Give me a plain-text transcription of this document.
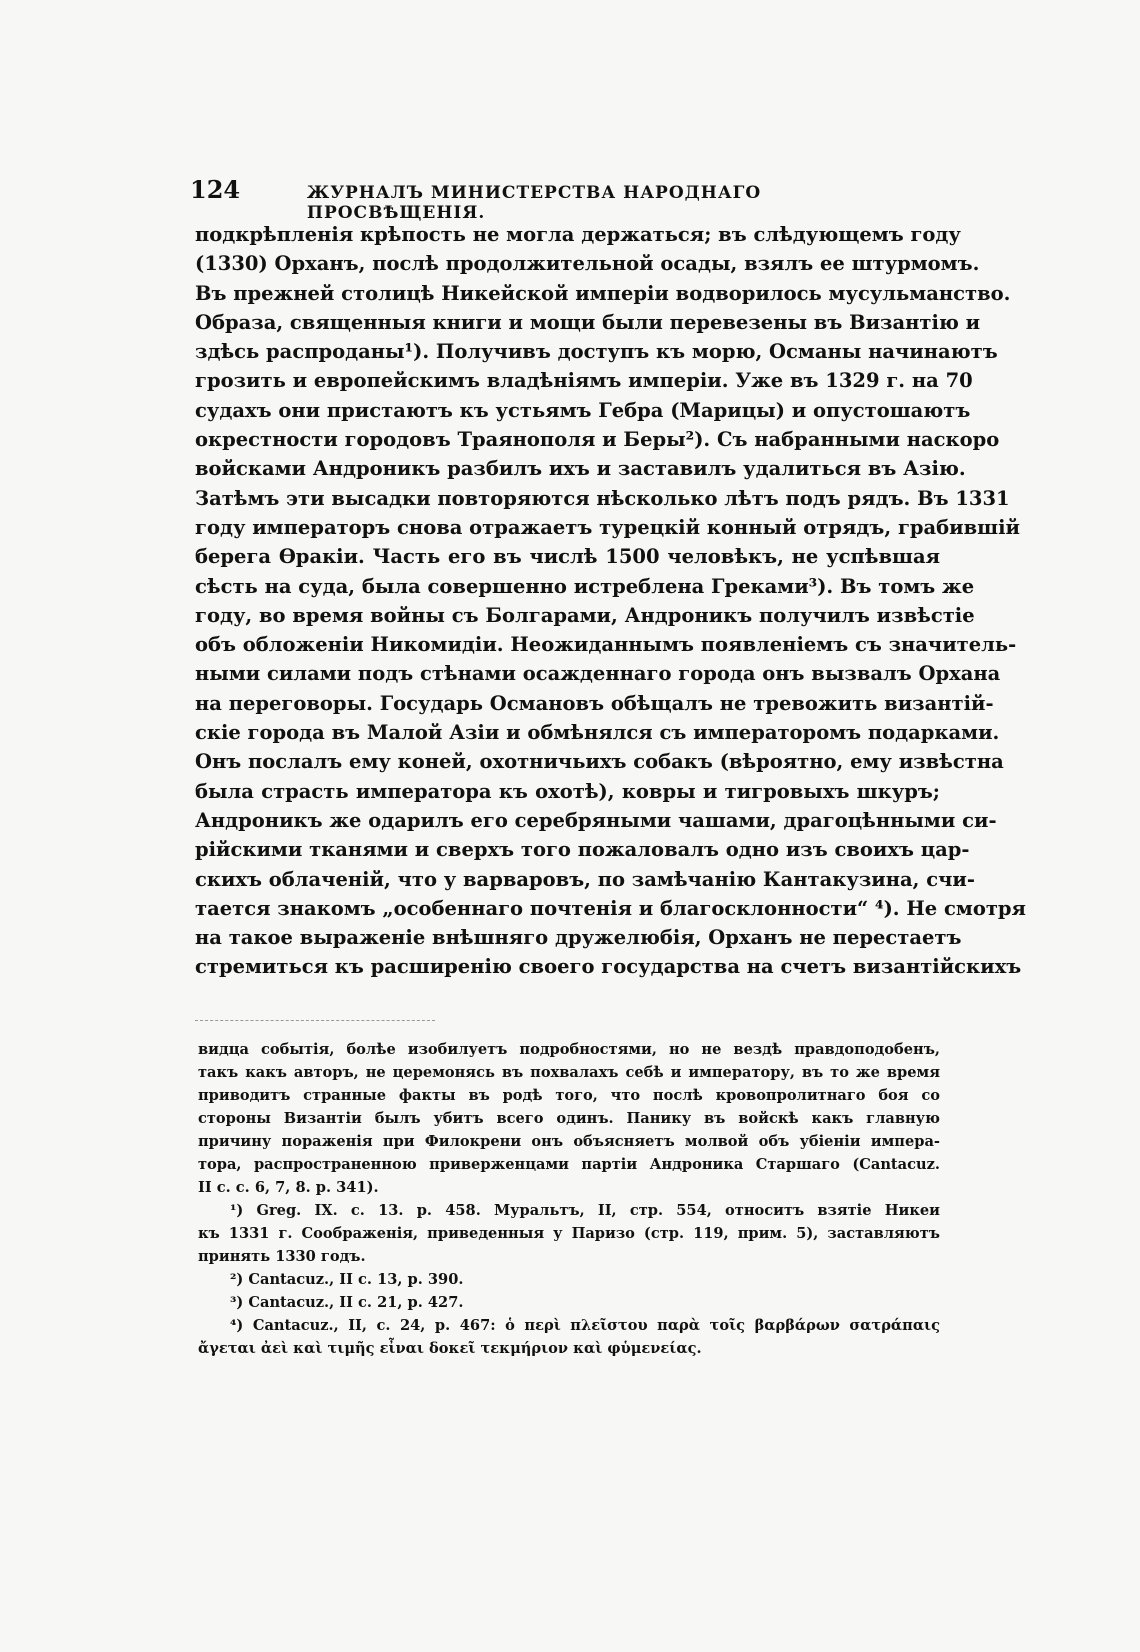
124	ЖУРНАЛЪ МИНИСТЕРСТВА НАРОДНАГО ПРОСВѢЩЕНІЯ.
подкрѣпленія крѣпость не могла держаться; въ слѣдующемъ году
(1330) Орханъ, послѣ продолжительной осады, взялъ ее штурмомъ.
Въ прежней столицѣ Никейской имперіи водворилось мусульманство.
Образа, священныя книги и мощи были перевезены въ Византію и
здѣсь распроданы¹). Получивъ доступъ къ морю, Османы начинаютъ
грозить и европейскимъ владѣніямъ имперіи. Уже въ 1329 г. на 70
судахъ они пристаютъ къ устьямъ Гебра (Марицы) и опустошаютъ
окрестности городовъ Траянополя и Беры²). Съ набранными наскоро
войсками Андроникъ разбилъ ихъ и заставилъ удалиться въ Азію.
Затѣмъ эти высадки повторяются нѣсколько лѣтъ подъ рядъ. Въ 1331
году императоръ снова отражаетъ турецкій конный отрядъ, грабившій
берега Ѳракіи. Часть его въ числѣ 1500 человѣкъ, не успѣвшая
сѣсть на суда, была совершенно истреблена Греками³). Въ томъ же
году, во время войны съ Болгарами, Андроникъ получилъ извѣстіе
объ обложеніи Никомидіи. Неожиданнымъ появленіемъ съ значитель-
ными силами подъ стѣнами осажденнаго города онъ вызвалъ Орхана
на переговоры. Государь Османовъ обѣщалъ не тревожить византій-
скіе города въ Малой Азіи и обмѣнялся съ императоромъ подарками.
Онъ послалъ ему коней, охотничьихъ собакъ (вѣроятно, ему извѣстна
была страсть императора къ охотѣ), ковры и тигровыхъ шкуръ;
Андроникъ же одарилъ его серебряными чашами, драгоцѣнными си-
рійскими тканями и сверхъ того пожаловалъ одно изъ своихъ цар-
скихъ облаченій, что у варваровъ, по замѣчанію Кантакузина, счи-
тается знакомъ „особеннаго почтенія и благосклонности“ ⁴). Не смотря
на такое выраженіе внѣшняго дружелюбія, Орханъ не перестаетъ
стремиться къ расширенію своего государства на счетъ византійскихъ
видца событія, болѣе изобилуетъ подробностями, но не вездѣ правдоподобенъ,
такъ какъ авторъ, не церемонясь въ похвалахъ себѣ и императору, въ то же время
приводитъ странные факты въ родѣ того, что послѣ кровопролитнаго боя со
стороны Византіи былъ убитъ всего одинъ. Панику въ войскѣ какъ главную
причину пораженія при Филокрени онъ объясняетъ молвой объ убіеніи импера-
тора, распространенною приверженцами партіи Андроника Старшаго (Cantacuz.
II c. c. 6, 7, 8. p. 341).
¹) Greg. IX. c. 13. p. 458. Муральтъ, II, стр. 554, относитъ взятіе Никеи
къ 1331 г. Соображенія, приведенныя у Паризо (стр. 119, прим. 5), заставляютъ
принять 1330 годъ.
²) Cantacuz., II c. 13, p. 390.
³) Cantacuz., II c. 21, p. 427.
⁴) Cantacuz., II, c. 24, p. 467: ὁ περὶ πλεῖστου παρὰ τοῖς βαρβάρων σατράπαις
ἄγεται ἀεὶ καὶ τιμῆς εἶναι δοκεῖ τεκμήριον καὶ φὑμενείας.
